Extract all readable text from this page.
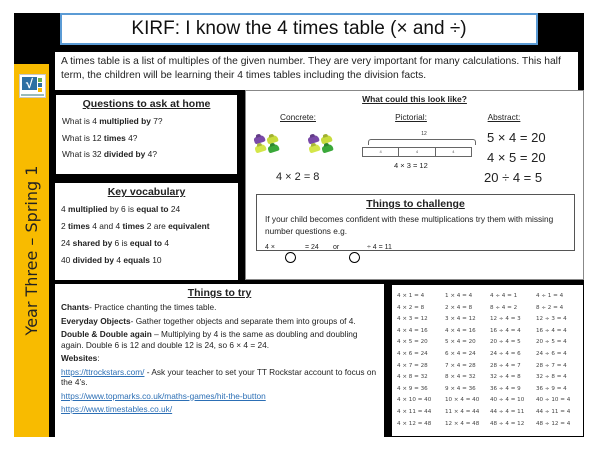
√
Year Three – Spring 1
KIRF: I know the 4 times table (× and ÷)
A times table is a list of multiples of the given number. They are very important for many calculations. This half term, the children will be learning their 4 times tables including the division facts.
Questions to ask at home
What is 4 multiplied by 7?
What is 12 times 4?
What is 32 divided by 4?
Key vocabulary
4 multiplied by 6 is equal to 24
2 times 4 and 4 times 2 are equivalent
24 shared by 6 is equal to 4
40 divided by 4 equals 10
What could this look like?
Concrete:	Pictorial:	Abstract:
4 × 2 = 8
12
4	4	4
4 × 3 = 12
5 × 4 = 20
4 × 5 = 20
20 ÷ 4 = 5
Things to challenge
If your child becomes confident with these multiplications try them with missing number questions e.g.
4 ×	= 24 or	÷ 4 = 11
Things to try
Chants- Practice chanting the times table.
Everyday Objects- Gather together objects and separate them into groups of 4.
Double & Double again – Multiplying by 4 is the same as doubling and doubling again. Double 6 is 12 and double 12 is 24, so 6 × 4 = 24.
Websites:
https://ttrockstars.com/ - Ask your teacher to set your TT Rockstar account to focus on the 4’s.
https://www.topmarks.co.uk/maths-games/hit-the-button
https://www.timestables.co.uk/
4 × 1 = 4	1 × 4 = 4	4 ÷ 4 = 1	4 ÷ 1 = 4
4 × 2 = 8	2 × 4 = 8	8 ÷ 4 = 2	8 ÷ 2 = 4
4 × 3 = 12	3 × 4 = 12	12 ÷ 4 = 3	12 ÷ 3 = 4
4 × 4 = 16	4 × 4 = 16	16 ÷ 4 = 4	16 ÷ 4 = 4
4 × 5 = 20	5 × 4 = 20	20 ÷ 4 = 5	20 ÷ 5 = 4
4 × 6 = 24	6 × 4 = 24	24 ÷ 4 = 6	24 ÷ 6 = 4
4 × 7 = 28	7 × 4 = 28	28 ÷ 4 = 7	28 ÷ 7 = 4
4 × 8 = 32	8 × 4 = 32	32 ÷ 4 = 8	32 ÷ 8 = 4
4 × 9 = 36	9 × 4 = 36	36 ÷ 4 = 9	36 ÷ 9 = 4
4 × 10 = 40	10 × 4 = 40	40 ÷ 4 = 10	40 ÷ 10 = 4
4 × 11 = 44	11 × 4 = 44	44 ÷ 4 = 11	44 ÷ 11 = 4
4 × 12 = 48	12 × 4 = 48	48 ÷ 4 = 12	48 ÷ 12 = 4
